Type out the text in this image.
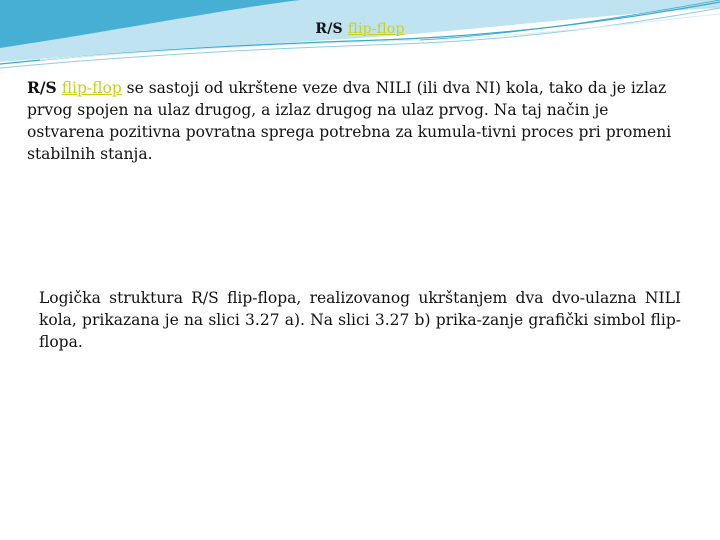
R/S flip-flop
R/S flip-flop se sastoji od ukrštene veze dva NILI (ili dva NI) kola, tako da je izlaz prvog spojen na ulaz drugog, a izlaz drugog na ulaz prvog. Na taj način je ostvarena pozitivna povratna sprega potrebna za kumula-tivni proces pri promeni stabilnih stanja.
Logička struktura R/S flip-flopa, realizovanog ukrštanjem dva dvo-ulazna NILI kola, prikazana je na slici 3.27 a). Na slici 3.27 b) prika-zanje grafički simbol flip-flopa.
